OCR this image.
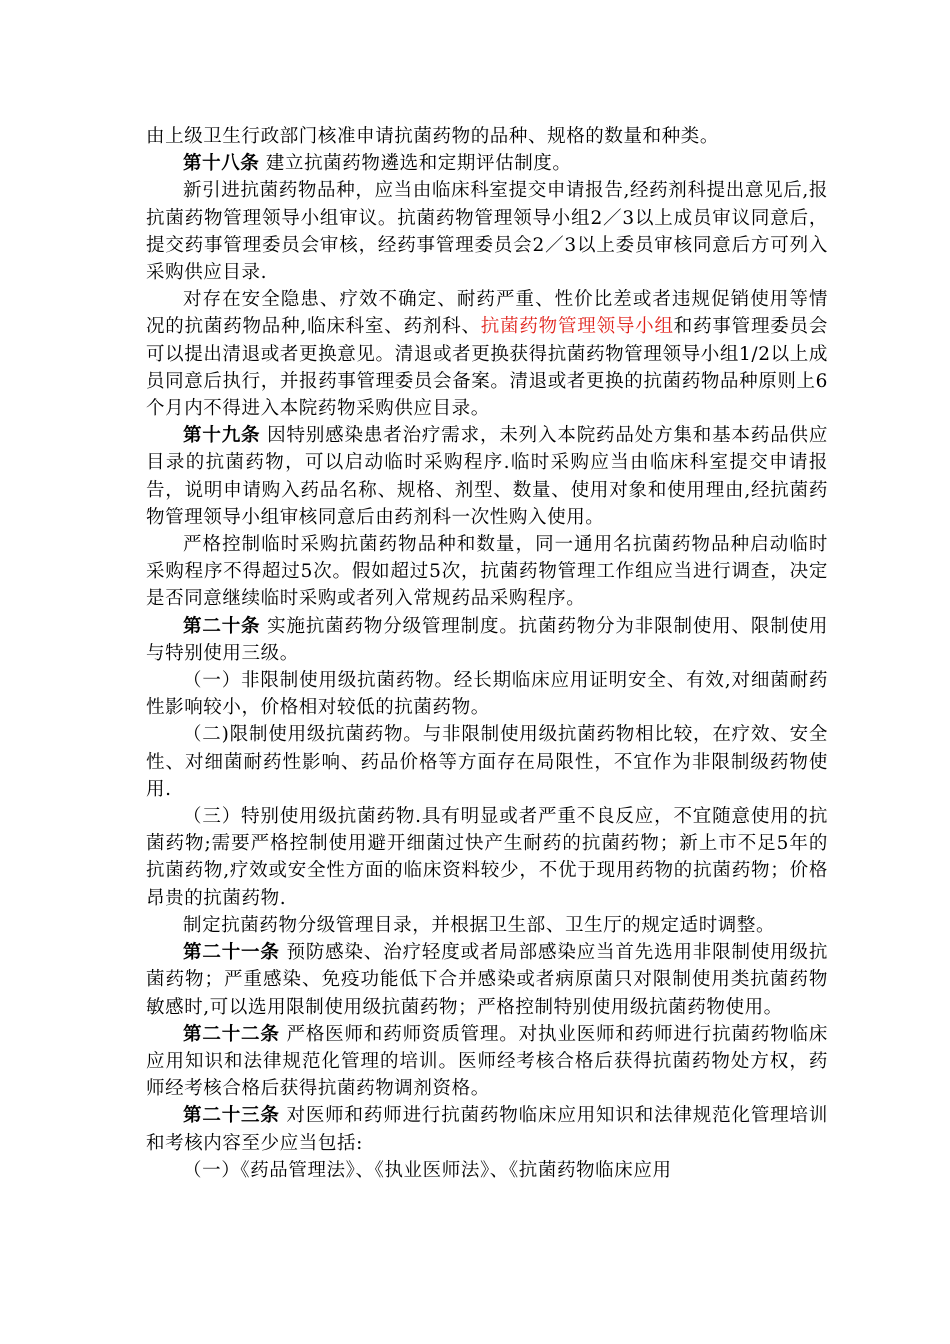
由上级卫生行政部门核准申请抗菌药物的品种、规格的数量和种类。

第十八条 建立抗菌药物遴选和定期评估制度。

新引进抗菌药物品种，应当由临床科室提交申请报告,经药剂科提出意见后,报抗菌药物管理领导小组审议。抗菌药物管理领导小组2／3以上成员审议同意后，提交药事管理委员会审核，经药事管理委员会2／3以上委员审核同意后方可列入采购供应目录.

对存在安全隐患、疗效不确定、耐药严重、性价比差或者违规促销使用等情况的抗菌药物品种,临床科室、药剂科、抗菌药物管理领导小组和药事管理委员会可以提出清退或者更换意见。清退或者更换获得抗菌药物管理领导小组1/2以上成员同意后执行，并报药事管理委员会备案。清退或者更换的抗菌药物品种原则上6个月内不得进入本院药物采购供应目录。

第十九条 因特别感染患者治疗需求，未列入本院药品处方集和基本药品供应目录的抗菌药物，可以启动临时采购程序.临时采购应当由临床科室提交申请报告，说明申请购入药品名称、规格、剂型、数量、使用对象和使用理由,经抗菌药物管理领导小组审核同意后由药剂科一次性购入使用。

严格控制临时采购抗菌药物品种和数量，同一通用名抗菌药物品种启动临时采购程序不得超过5次。假如超过5次，抗菌药物管理工作组应当进行调查，决定是否同意继续临时采购或者列入常规药品采购程序。

第二十条 实施抗菌药物分级管理制度。抗菌药物分为非限制使用、限制使用与特别使用三级。

（一）非限制使用级抗菌药物。经长期临床应用证明安全、有效,对细菌耐药性影响较小，价格相对较低的抗菌药物。

（二)限制使用级抗菌药物。与非限制使用级抗菌药物相比较，在疗效、安全性、对细菌耐药性影响、药品价格等方面存在局限性，不宜作为非限制级药物使用.

（三）特别使用级抗菌药物.具有明显或者严重不良反应，不宜随意使用的抗菌药物;需要严格控制使用避开细菌过快产生耐药的抗菌药物；新上市不足5年的抗菌药物,疗效或安全性方面的临床资料较少，不优于现用药物的抗菌药物；价格昂贵的抗菌药物.

制定抗菌药物分级管理目录，并根据卫生部、卫生厅的规定适时调整。

第二十一条 预防感染、治疗轻度或者局部感染应当首先选用非限制使用级抗菌药物；严重感染、免疫功能低下合并感染或者病原菌只对限制使用类抗菌药物敏感时,可以选用限制使用级抗菌药物；严格控制特别使用级抗菌药物使用。

第二十二条 严格医师和药师资质管理。对执业医师和药师进行抗菌药物临床应用知识和法律规范化管理的培训。医师经考核合格后获得抗菌药物处方权，药师经考核合格后获得抗菌药物调剂资格。

第二十三条 对医师和药师进行抗菌药物临床应用知识和法律规范化管理培训和考核内容至少应当包括:

（一）《药品管理法》、《执业医师法》、《抗菌药物临床应用
